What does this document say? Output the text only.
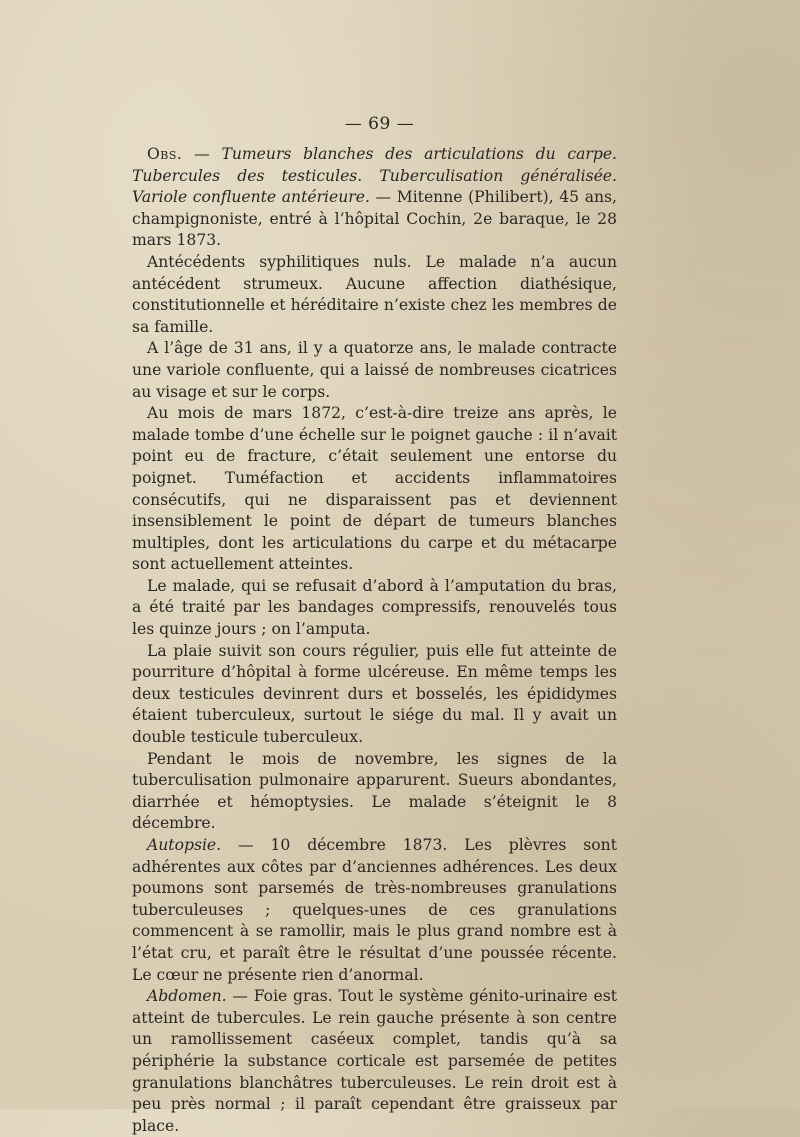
— 69 —

Obs. — Tumeurs blanches des articulations du carpe. Tubercules des testicules. Tuberculisation généralisée. Variole confluente antérieure. — Mitenne (Philibert), 45 ans, champignoniste, entré à l’hôpital Cochin, 2e baraque, le 28 mars 1873.

Antécédents syphilitiques nuls. Le malade n’a aucun antécédent strumeux. Aucune affection diathésique, constitutionnelle et héréditaire n’existe chez les membres de sa famille.

A l’âge de 31 ans, il y a quatorze ans, le malade contracte une variole confluente, qui a laissé de nombreuses cicatrices au visage et sur le corps.

Au mois de mars 1872, c’est-à-dire treize ans après, le malade tombe d’une échelle sur le poignet gauche : il n’avait point eu de fracture, c’était seulement une entorse du poignet. Tuméfaction et accidents inflammatoires consécutifs, qui ne disparaissent pas et deviennent insensiblement le point de départ de tumeurs blanches multiples, dont les articulations du carpe et du métacarpe sont actuellement atteintes.

Le malade, qui se refusait d’abord à l’amputation du bras, a été traité par les bandages compressifs, renouvelés tous les quinze jours ; on l’amputa.

La plaie suivit son cours régulier, puis elle fut atteinte de pourriture d’hôpital à forme ulcéreuse. En même temps les deux testicules devinrent durs et bosselés, les épididymes étaient tuberculeux, surtout le siége du mal. Il y avait un double testicule tuberculeux.

Pendant le mois de novembre, les signes de la tuberculisation pulmonaire apparurent. Sueurs abondantes, diarrhée et hémoptysies. Le malade s’éteignit le 8 décembre.

Autopsie. — 10 décembre 1873. Les plèvres sont adhérentes aux côtes par d’anciennes adhérences. Les deux poumons sont parsemés de très-nombreuses granulations tuberculeuses ; quelques-unes de ces granulations commencent à se ramollir, mais le plus grand nombre est à l’état cru, et paraît être le résultat d’une poussée récente. Le cœur ne présente rien d’anormal.

Abdomen. — Foie gras. Tout le système génito-urinaire est atteint de tubercules. Le rein gauche présente à son centre un ramollissement caséeux complet, tandis qu’à sa périphérie la substance corticale est parsemée de petites granulations blanchâtres tuberculeuses. Le rein droit est à peu près normal ; il paraît cependant être graisseux par place.
